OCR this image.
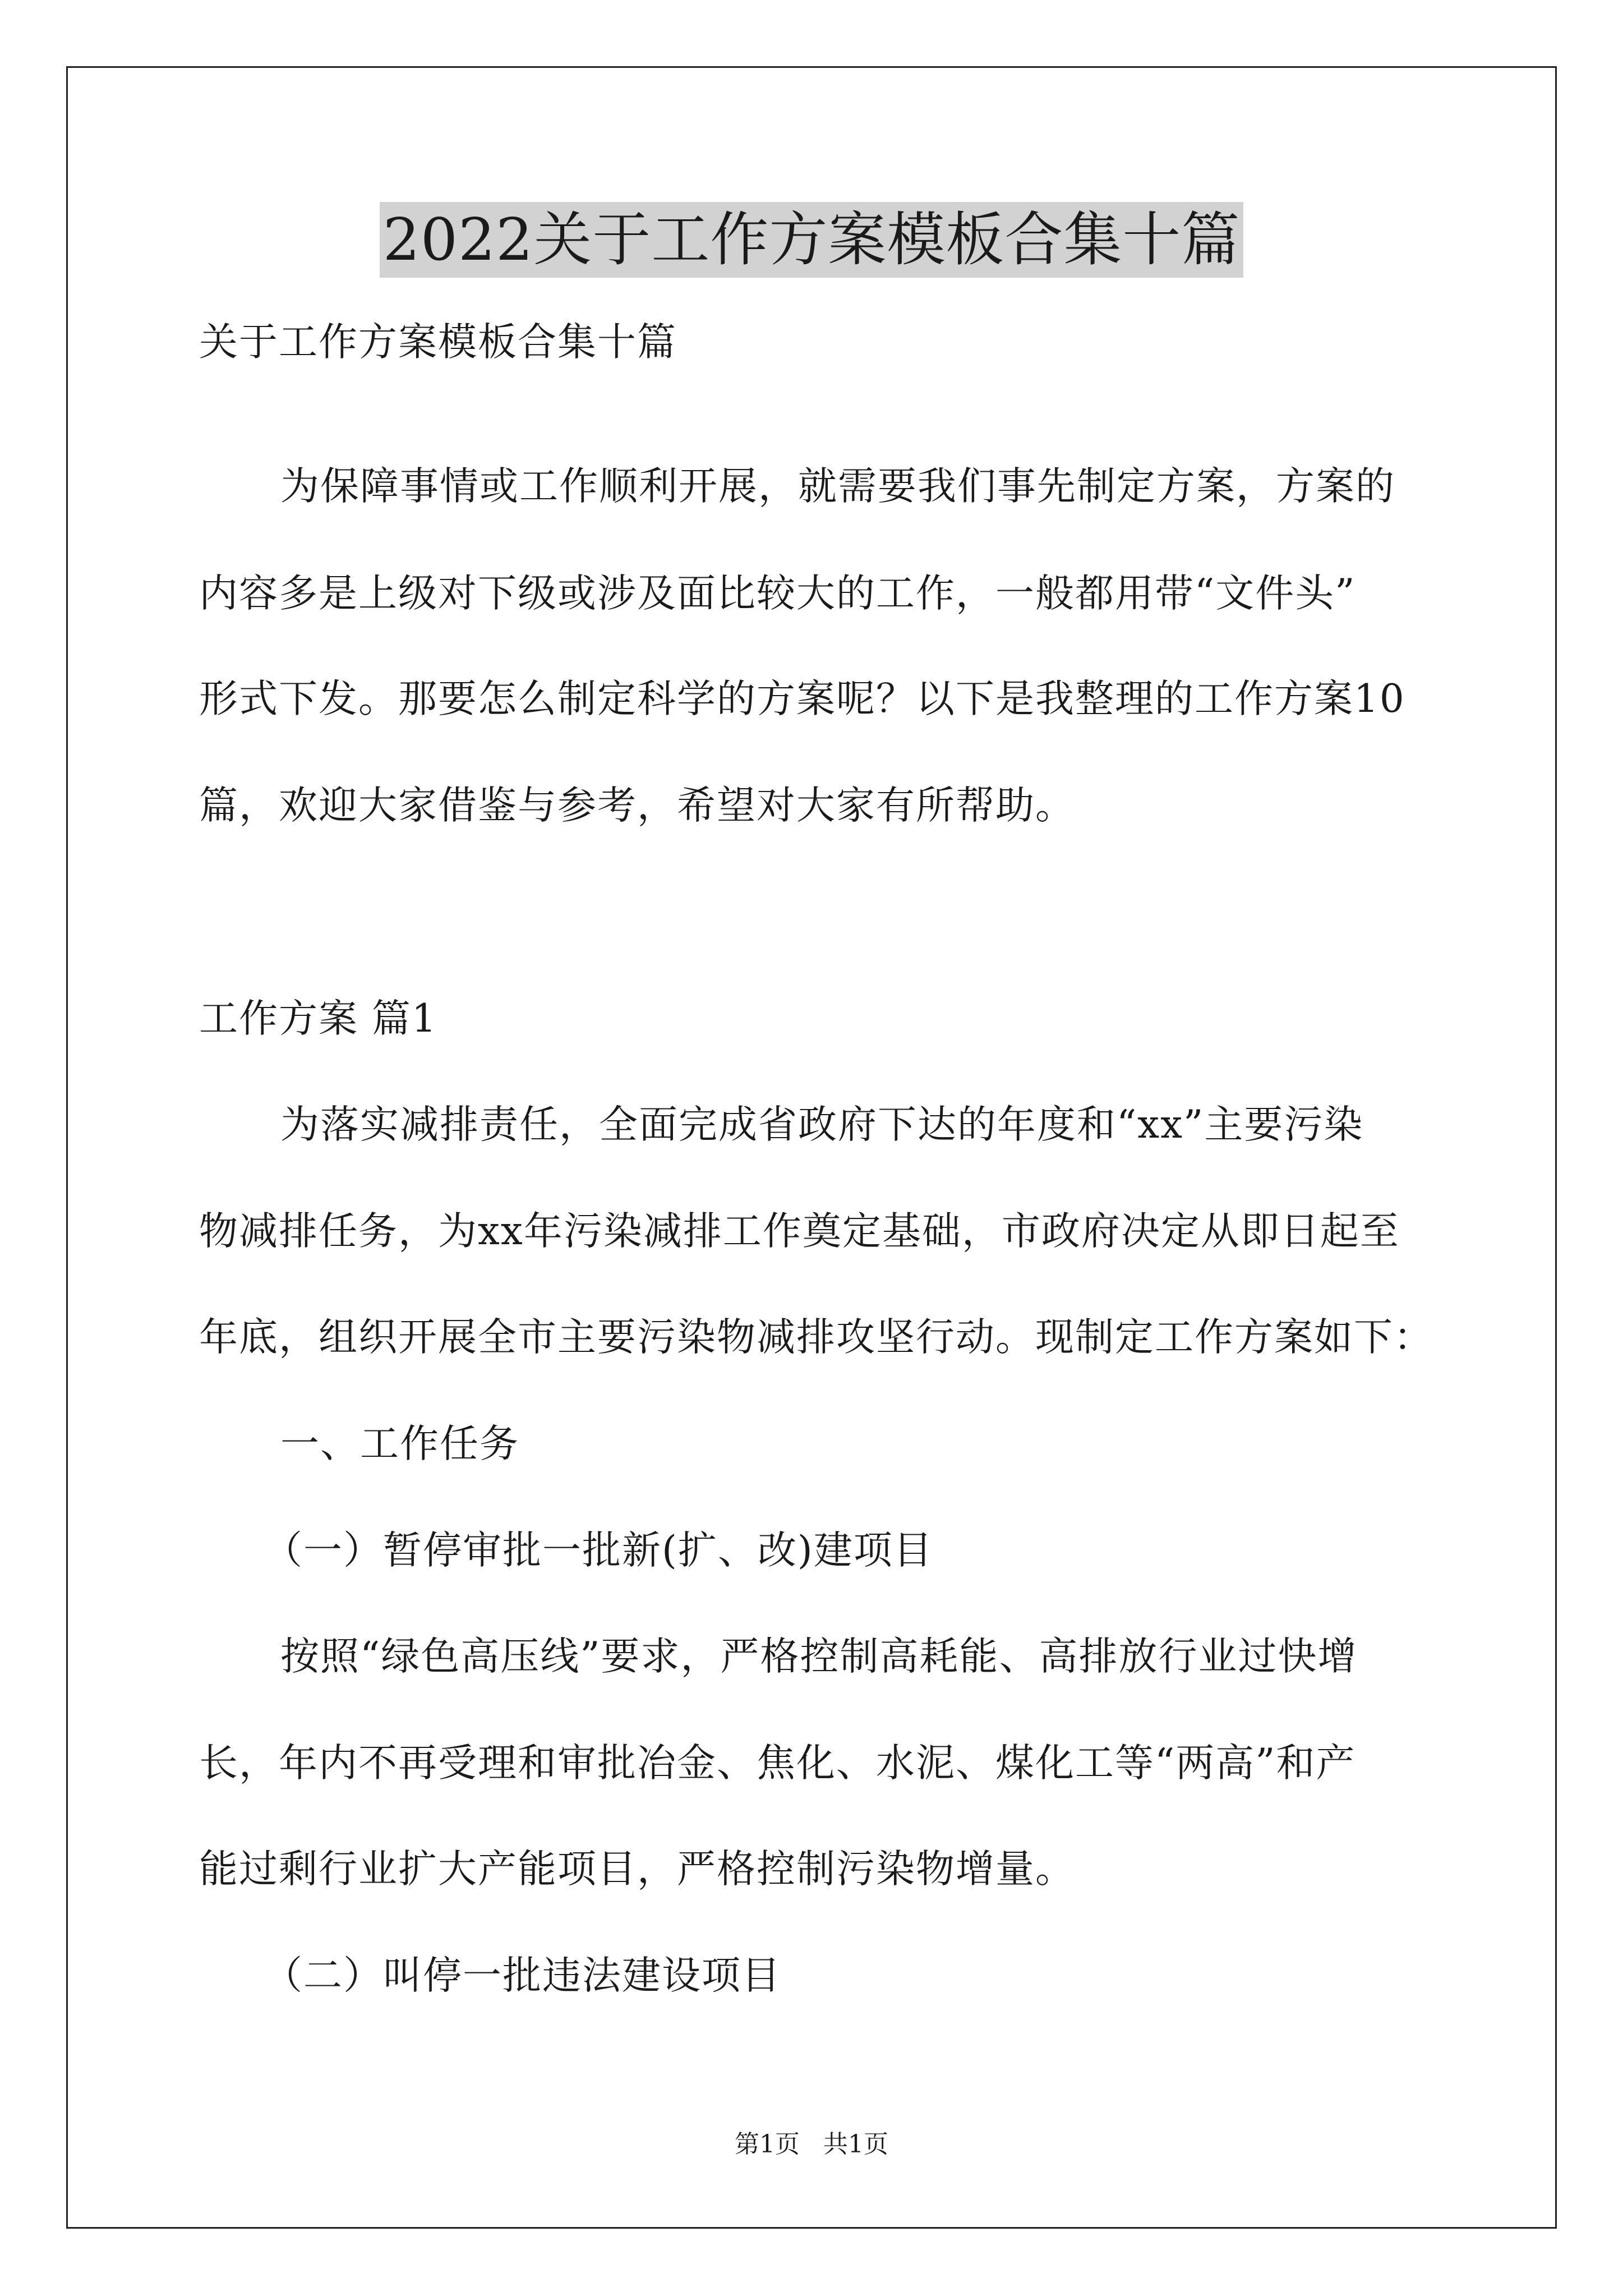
2022关于工作方案模板合集十篇
关于工作方案模板合集十篇
为保障事情或工作顺利开展，就需要我们事先制定方案，方案的
内容多是上级对下级或涉及面比较大的工作，一般都用带“文件头”
形式下发。那要怎么制定科学的方案呢？以下是我整理的工作方案10
篇，欢迎大家借鉴与参考，希望对大家有所帮助。
工作方案 篇1
为落实减排责任，全面完成省政府下达的年度和“xx”主要污染
物减排任务，为xx年污染减排工作奠定基础，市政府决定从即日起至
年底，组织开展全市主要污染物减排攻坚行动。现制定工作方案如下：
一、工作任务
（一）暂停审批一批新(扩、改)建项目
按照“绿色高压线”要求，严格控制高耗能、高排放行业过快增
长，年内不再受理和审批冶金、焦化、水泥、煤化工等“两高”和产
能过剩行业扩大产能项目，严格控制污染物增量。
（二）叫停一批违法建设项目
第1页   共1页
